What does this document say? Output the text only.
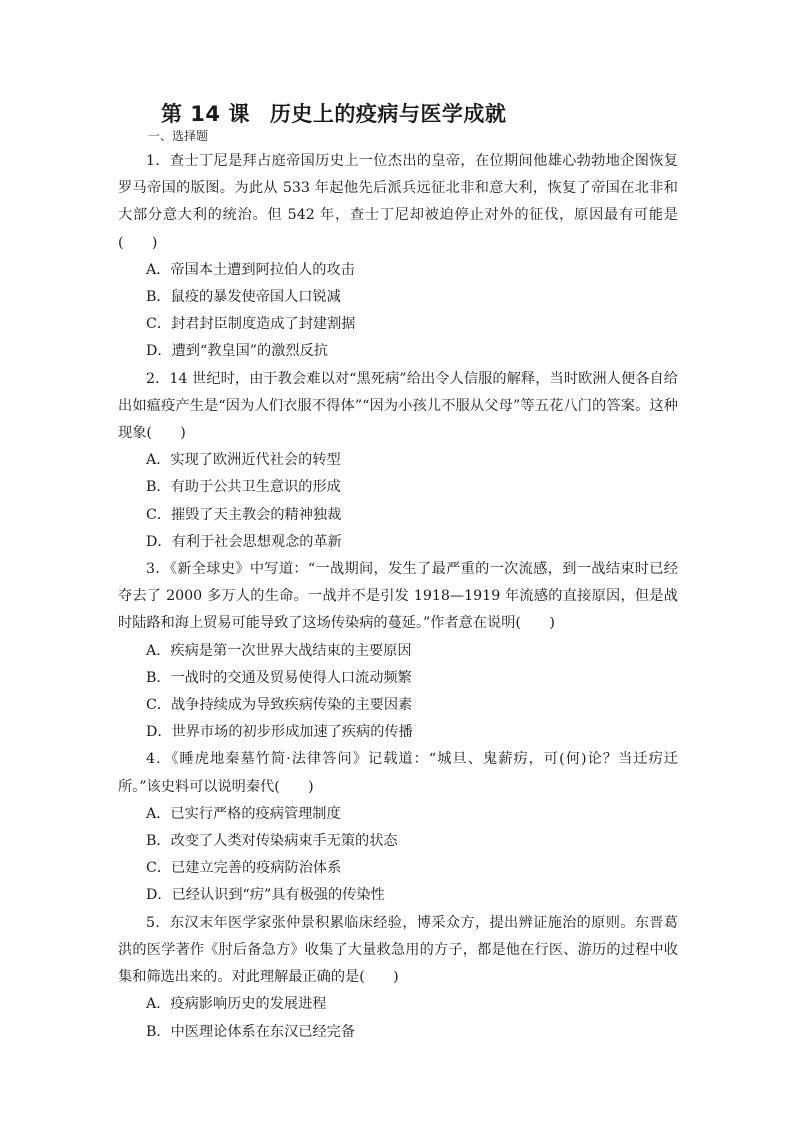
第 14 课 历史上的疫病与医学成就
一、选择题

1．查士丁尼是拜占庭帝国历史上一位杰出的皇帝，在位期间他雄心勃勃地企图恢复罗马帝国的版图。为此从 533 年起他先后派兵远征北非和意大利，恢复了帝国在北非和大部分意大利的统治。但 542 年，查士丁尼却被迫停止对外的征伐，原因最有可能是(　　)

A．帝国本土遭到阿拉伯人的攻击

B．鼠疫的暴发使帝国人口锐减

C．封君封臣制度造成了封建割据

D．遭到“教皇国”的激烈反抗

2．14 世纪时，由于教会难以对“黑死病”给出令人信服的解释，当时欧洲人便各自给出如瘟疫产生是“因为人们衣服不得体”“因为小孩儿不服从父母”等五花八门的答案。这种现象(　　)

A．实现了欧洲近代社会的转型

B．有助于公共卫生意识的形成

C．摧毁了天主教会的精神独裁

D．有利于社会思想观念的革新

3．《新全球史》中写道：“一战期间，发生了最严重的一次流感，到一战结束时已经夺去了 2000 多万人的生命。一战并不是引发 1918—1919 年流感的直接原因，但是战时陆路和海上贸易可能导致了这场传染病的蔓延。”作者意在说明(　　)

A．疾病是第一次世界大战结束的主要原因

B．一战时的交通及贸易使得人口流动频繁

C．战争持续成为导致疾病传染的主要因素

D．世界市场的初步形成加速了疾病的传播

4．《睡虎地秦墓竹简·法律答问》记载道：“城旦、鬼薪疠，可(何)论？当迁疠迁所。”该史料可以说明秦代(　　)

A．已实行严格的疫病管理制度

B．改变了人类对传染病束手无策的状态

C．已建立完善的疫病防治体系

D．已经认识到“疠”具有极强的传染性

5．东汉末年医学家张仲景积累临床经验，博采众方，提出辨证施治的原则。东晋葛洪的医学著作《肘后备急方》收集了大量救急用的方子，都是他在行医、游历的过程中收集和筛选出来的。对此理解最正确的是(　　)

A．疫病影响历史的发展进程

B．中医理论体系在东汉已经完备
